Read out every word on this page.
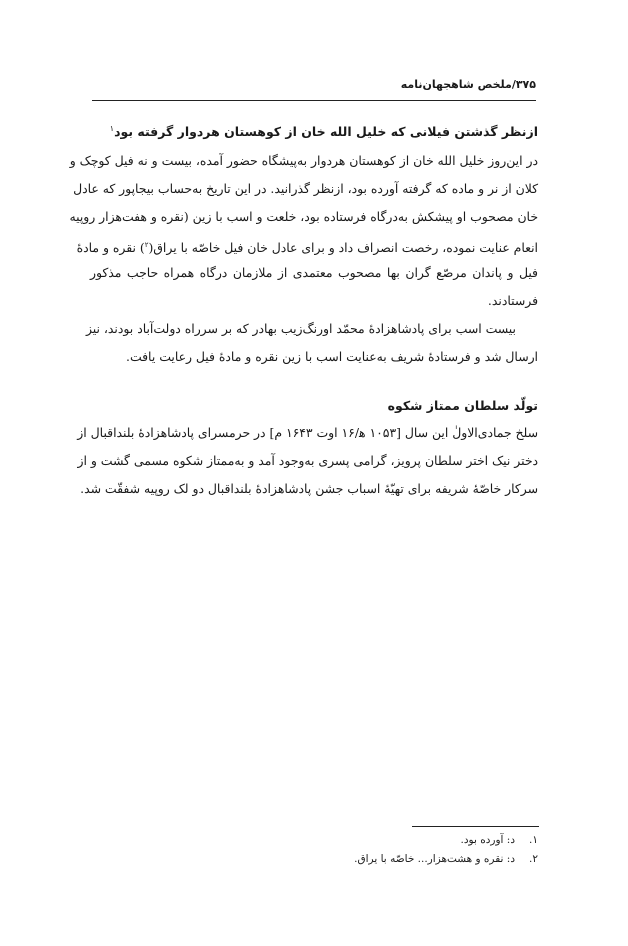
۳۷۵/ملخص شاهجهان‌نامه
ازنظر گذشتن فیلانی که خلیل الله خان از کوهستان هردوار گرفته بود$^۱$
در این‌روز خلیل الله خان از کوهستان هردوار به‌پیشگاه حضور آمده، بیست و نه فیل کوچک و
کلان از نر و ماده که گرفته آورده بود، ازنظر گذرانید. در این تاریخ به‌حساب بیجاپور که عادل
خان مصحوب او پیشکش به‌درگاه فرستاده بود، خلعت و اسب با زین (نقره و هفت‌هزار روپیه
انعام عنایت نموده، رخصت انصراف داد و برای عادل خان فیل خاصّه با یراق($^۲$) نقره و مادهٔ
فیل و پاندان مرصّع گران بها مصحوب معتمدی از ملازمان درگاه همراه حاجب مذکور
فرستادند.
بیست اسب برای پادشاهزادهٔ محمّد اورنگ‌زیب بهادر که بر سرراه دولت‌آباد بودند، نیز
ارسال شد و فرستادهٔ شریف به‌عنایت اسب با زین نقره و مادهٔ فیل رعایت یافت.
تولّد سلطان ممتاز شکوه
سلخ جمادی‌الاولٰ این سال [۱۰۵۳ ه‍/۱۶ اوت ۱۶۴۳ م] در حرمسرای پادشاهزادهٔ بلنداقبال از
دختر نیک اختر سلطان پرویز، گرامی پسری به‌وجود آمد و به‌ممتاز شکوه مسمی گشت و از
سرکار خاصّهٔ شریفه برای تهیّهٔ اسباب جشن پادشاهزادهٔ بلنداقبال دو لک روپیه شفقّت شد.
۱.د: آورده بود.
۲.د: نقره و هشت‌هزار... خاصّه با یراق.
